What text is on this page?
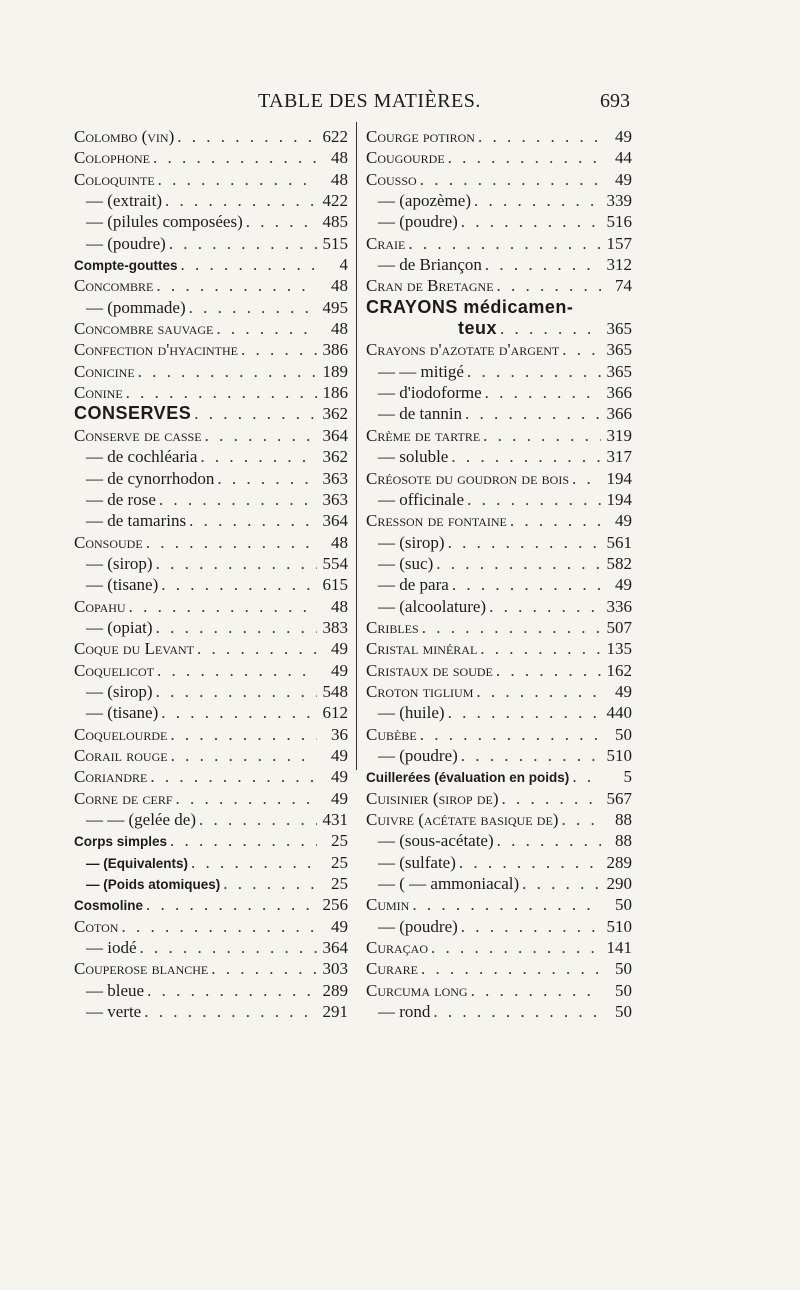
TABLE DES MATIÈRES.	693
Colombo (vin) . . .	622
Colophone . . .	48
Coloquinte . . .	48
— (extrait) . . .	422
— (pilules composées) . . .	485
— (poudre) . . .	515
Compte-gouttes . . .	4
Concombre . . .	48
— (pommade) . . .	495
Concombre sauvage . . .	48
Confection d'hyacinthe . . .	386
Conicine . . .	189
Conine . . .	186
CONSERVES . . .	362
Conserve de casse . . .	364
— de cochléaria . . .	362
— de cynorrhodon . . .	363
— de rose . . .	363
— de tamarins . . .	364
Consoude . . .	48
— (sirop) . . .	554
— (tisane) . . .	615
Copahu . . .	48
— (opiat) . . .	383
Coque du Levant . . .	49
Coquelicot . . .	49
— (sirop) . . .	548
— (tisane) . . .	612
Coquelourde . . .	36
Corail rouge . . .	49
Coriandre . . .	49
Corne de cerf . . .	49
— — (gelée de) . . .	431
Corps simples . . .	25
— (Equivalents) . . .	25
— (Poids atomiques) . . .	25
Cosmoline . . .	256
Coton . . .	49
— iodé . . .	364
Couperose blanche . . .	303
— bleue . . .	289
— verte . . .	291
Courge potiron . . .	49
Cougourde . . .	44
Cousso . . .	49
— (apozème) . . .	339
— (poudre) . . .	516
Craie . . .	157
— de Briançon . . .	312
Cran de Bretagne . . .	74
CRAYONS médicamen-
teux . . .	365
Crayons d'azotate d'argent . . .	365
— — mitigé . . .	365
— d'iodoforme . . .	366
— de tannin . . .	366
Crème de tartre . . .	319
— soluble . . .	317
Créosote du goudron de bois . . . 194
— officinale . . .	194
Cresson de fontaine . . .	49
— (sirop) . . .	561
— (suc) . . .	582
— de para . . .	49
— (alcoolature) . . .	336
Cribles . . .	507
Cristal minéral . . .	135
Cristaux de soude . . .	162
Croton tiglium . . .	49
— (huile) . . .	440
Cubèbe . . .	50
— (poudre) . . .	510
Cuillerées (évaluation en poids) . . .	5
Cuisinier (sirop de) . . .	567
Cuivre (acétate basique de) . . .	88
— (sous-acétate) . . .	88
— (sulfate) . . .	289
— ( — ammoniacal) . . .	290
Cumin . . .	50
— (poudre) . . .	510
Curaçao . . .	141
Curare . . .	50
Curcuma long . . .	50
— rond . . .	50
